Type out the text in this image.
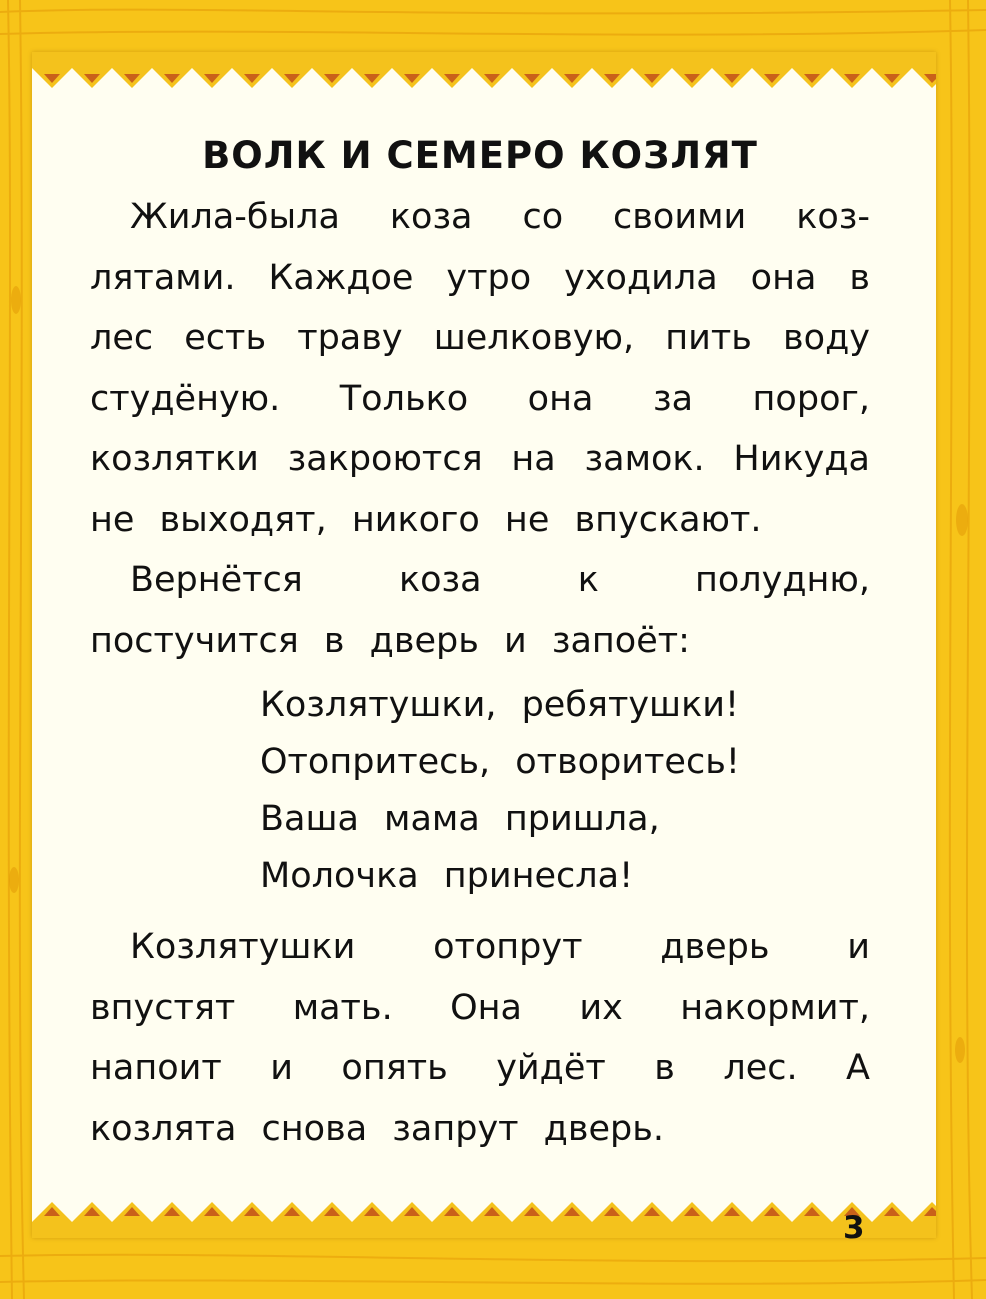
ВОЛК И СЕМЕРО КОЗЛЯТ

Жила-была коза со своими коз- лятами. Каждое утро уходила она в лес есть траву шелковую, пить воду студёную. Только она за порог, козлятки закроются на замок. Никуда не выходят, никого не впускают.

Вернётся коза к полудню, постучится в дверь и запоёт:

Козлятушки, ребятушки!
Отопритесь, отворитесь!
Ваша мама пришла,
Молочка принесла!

Козлятушки отопрут дверь и впустят мать. Она их накормит, напоит и опять уйдёт в лес. А козлята снова запрут дверь.

3
